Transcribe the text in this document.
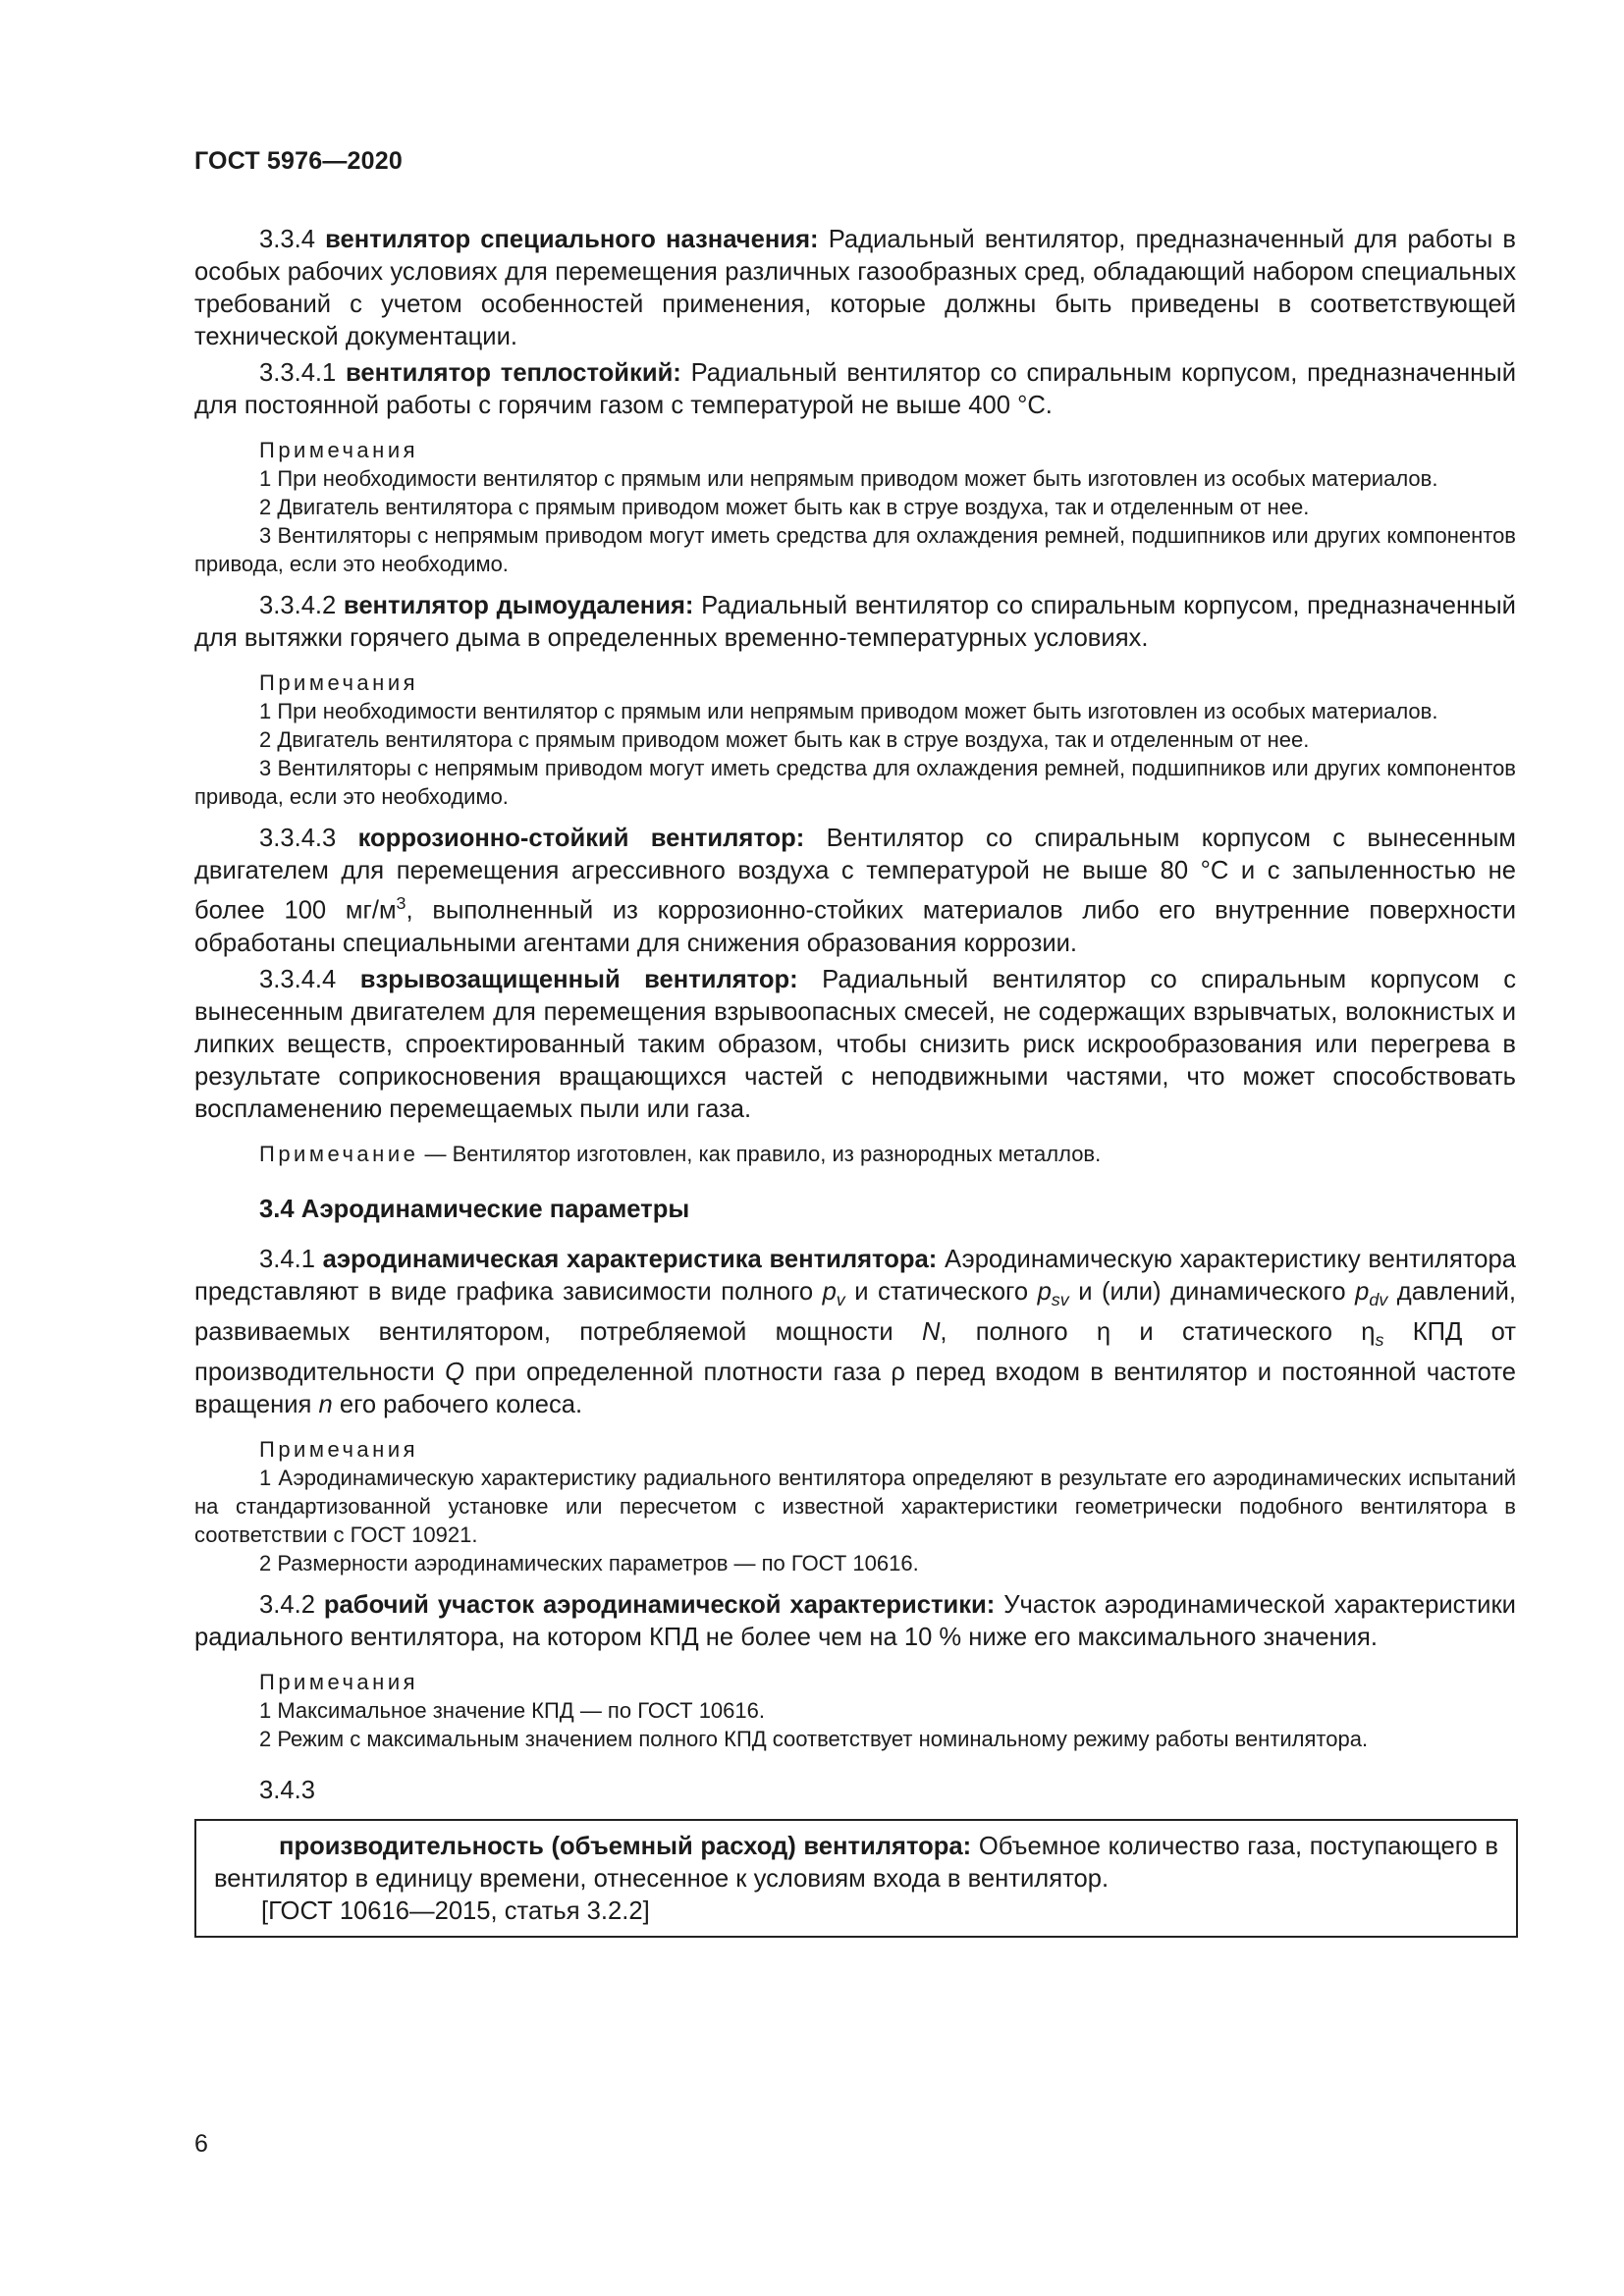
ГОСТ 5976—2020

3.3.4 вентилятор специального назначения: Радиальный вентилятор, предназначенный для работы в особых рабочих условиях для перемещения различных газообразных сред, обладающий набором специальных требований с учетом особенностей применения, которые должны быть приведены в соответствующей технической документации.

3.3.4.1 вентилятор теплостойкий: Радиальный вентилятор со спиральным корпусом, предназначенный для постоянной работы с горячим газом с температурой не выше 400 °С.

Примечания

1 При необходимости вентилятор с прямым или непрямым приводом может быть изготовлен из особых материалов.

2 Двигатель вентилятора с прямым приводом может быть как в струе воздуха, так и отделенным от нее.

3 Вентиляторы с непрямым приводом могут иметь средства для охлаждения ремней, подшипников или других компонентов привода, если это необходимо.

3.3.4.2 вентилятор дымоудаления: Радиальный вентилятор со спиральным корпусом, предназначенный для вытяжки горячего дыма в определенных временно-температурных условиях.

Примечания

1 При необходимости вентилятор с прямым или непрямым приводом может быть изготовлен из особых материалов.

2 Двигатель вентилятора с прямым приводом может быть как в струе воздуха, так и отделенным от нее.

3 Вентиляторы с непрямым приводом могут иметь средства для охлаждения ремней, подшипников или других компонентов привода, если это необходимо.

3.3.4.3 коррозионно-стойкий вентилятор: Вентилятор со спиральным корпусом с вынесенным двигателем для перемещения агрессивного воздуха с температурой не выше 80 °С и с запыленностью не более 100 $мг/м^3$, выполненный из коррозионно-стойких материалов либо его внутренние поверхности обработаны специальными агентами для снижения образования коррозии.

3.3.4.4 взрывозащищенный вентилятор: Радиальный вентилятор со спиральным корпусом с вынесенным двигателем для перемещения взрывоопасных смесей, не содержащих взрывчатых, волокнистых и липких веществ, спроектированный таким образом, чтобы снизить риск искрообразования или перегрева в результате соприкосновения вращающихся частей с неподвижными частями, что может способствовать воспламенению перемещаемых пыли или газа.

Примечание — Вентилятор изготовлен, как правило, из разнородных металлов.

3.4 Аэродинамические параметры

3.4.1 аэродинамическая характеристика вентилятора: Аэродинамическую характеристику вентилятора представляют в виде графика зависимости полного $p_v$ и статического $p_{sv}$ и (или) динамического $p_{dv}$ давлений, развиваемых вентилятором, потребляемой мощности N, полного η и статического $\eta_s$ КПД от производительности Q при определенной плотности газа ρ перед входом в вентилятор и постоянной частоте вращения n его рабочего колеса.

Примечания

1 Аэродинамическую характеристику радиального вентилятора определяют в результате его аэродинамических испытаний на стандартизованной установке или пересчетом с известной характеристики геометрически подобного вентилятора в соответствии с ГОСТ 10921.

2 Размерности аэродинамических параметров — по ГОСТ 10616.

3.4.2 рабочий участок аэродинамической характеристики: Участок аэродинамической характеристики радиального вентилятора, на котором КПД не более чем на 10 % ниже его максимального значения.

Примечания

1 Максимальное значение КПД — по ГОСТ 10616.

2 Режим с максимальным значением полного КПД соответствует номинальному режиму работы вентилятора.

3.4.3

производительность (объемный расход) вентилятора: Объемное количество газа, поступающего в вентилятор в единицу времени, отнесенное к условиям входа в вентилятор.

[ГОСТ 10616—2015, статья 3.2.2]
6
